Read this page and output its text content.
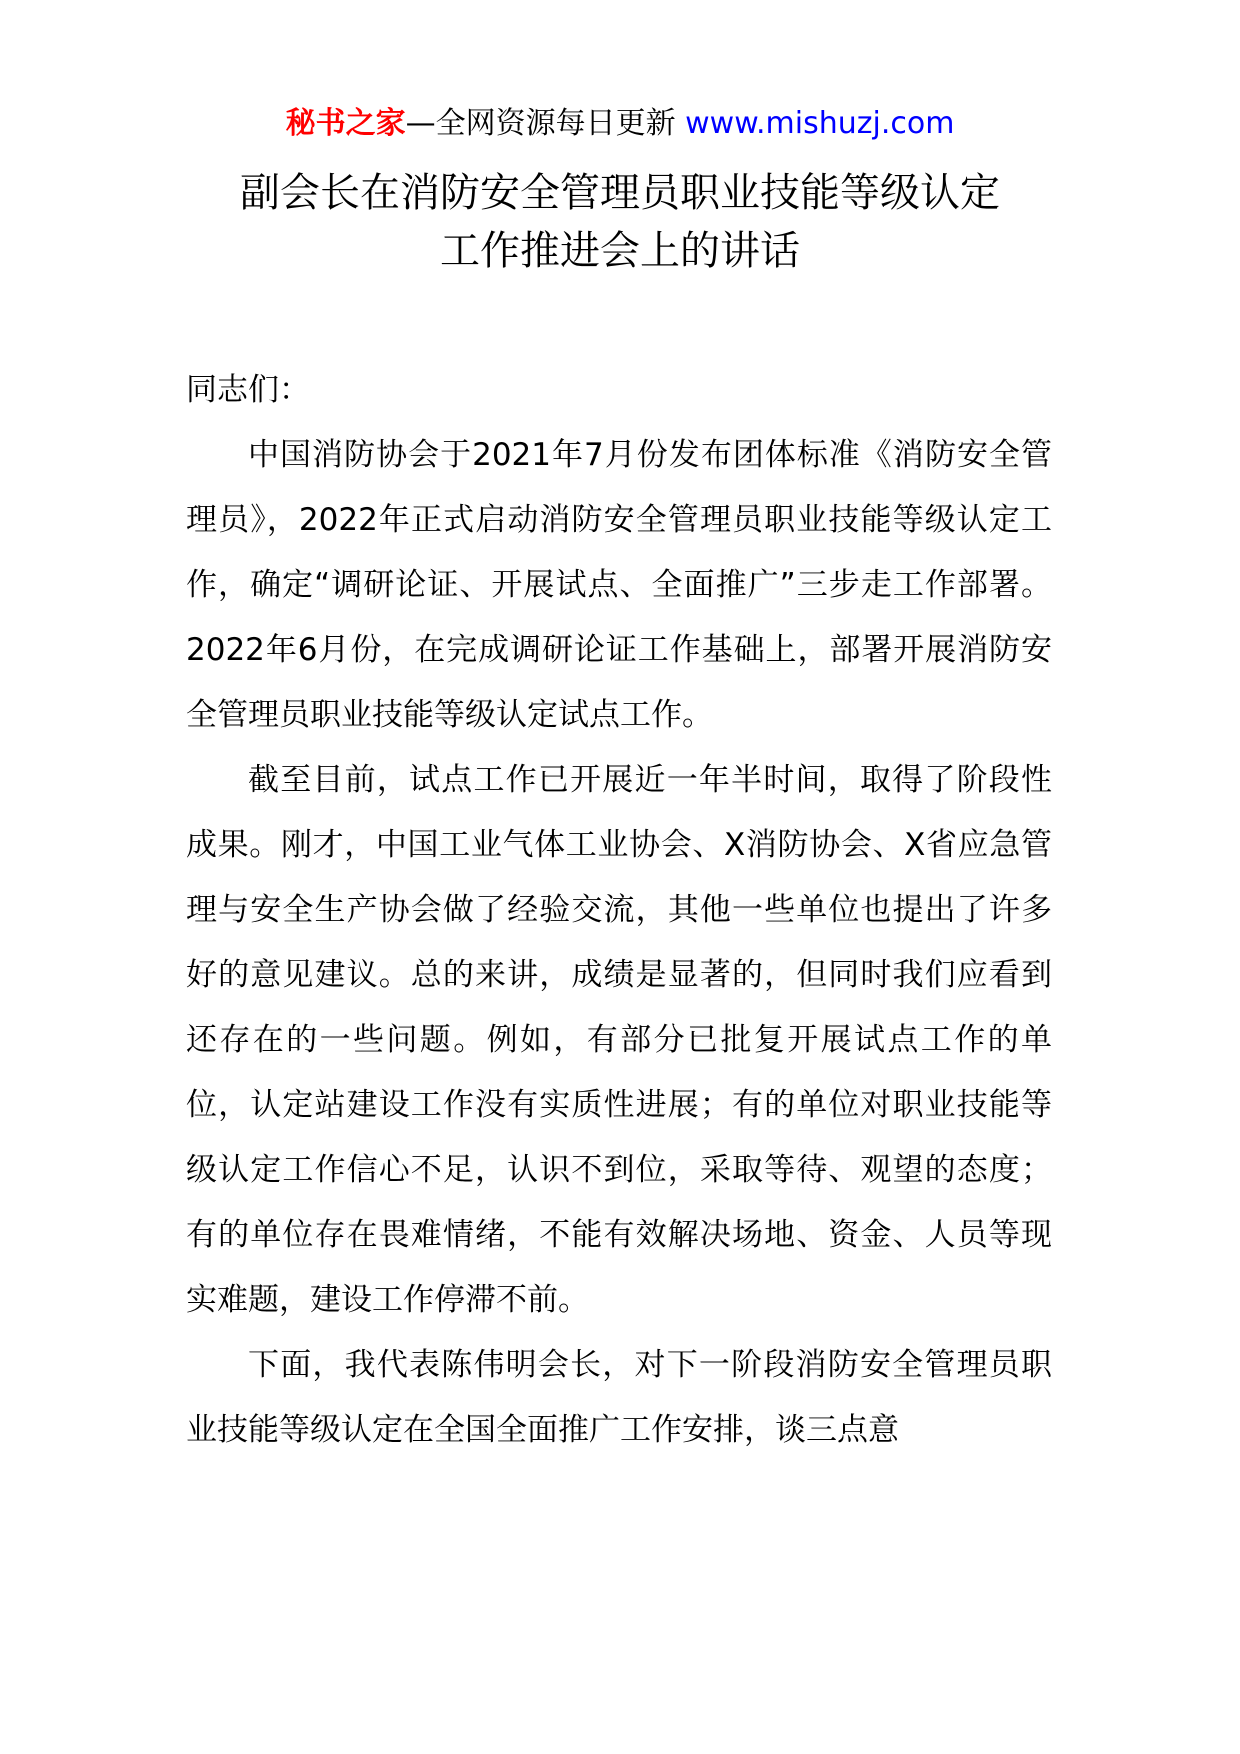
秘书之家—全网资源每日更新 www.mishuzj.com
副会长在消防安全管理员职业技能等级认定
工作推进会上的讲话

同志们：

中国消防协会于2021年7月份发布团体标准《消防安全管理员》，2022年正式启动消防安全管理员职业技能等级认定工作，确定“调研论证、开展试点、全面推广”三步走工作部署。2022年6月份，在完成调研论证工作基础上，部署开展消防安全管理员职业技能等级认定试点工作。

截至目前，试点工作已开展近一年半时间，取得了阶段性成果。刚才，中国工业气体工业协会、X消防协会、X省应急管理与安全生产协会做了经验交流，其他一些单位也提出了许多好的意见建议。总的来讲，成绩是显著的，但同时我们应看到还存在的一些问题。例如，有部分已批复开展试点工作的单位，认定站建设工作没有实质性进展；有的单位对职业技能等级认定工作信心不足，认识不到位，采取等待、观望的态度；有的单位存在畏难情绪，不能有效解决场地、资金、人员等现实难题，建设工作停滞不前。

下面，我代表陈伟明会长，对下一阶段消防安全管理员职业技能等级认定在全国全面推广工作安排，谈三点意
